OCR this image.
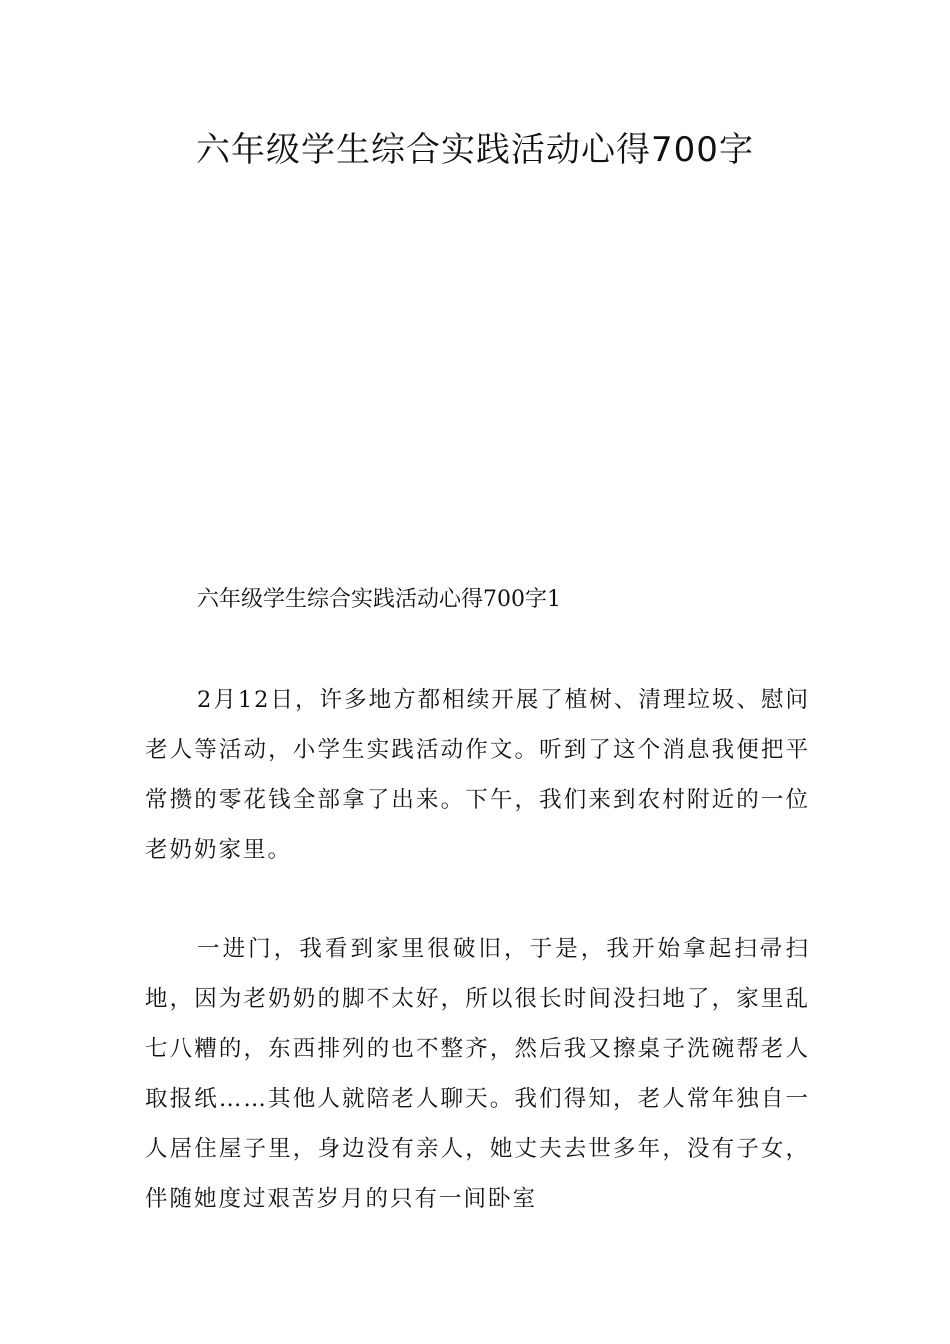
六年级学生综合实践活动心得700字
六年级学生综合实践活动心得700字1

2月12日，许多地方都相续开展了植树、清理垃圾、慰问老人等活动，小学生实践活动作文。听到了这个消息我便把平常攒的零花钱全部拿了出来。下午，我们来到农村附近的一位老奶奶家里。

一进门，我看到家里很破旧，于是，我开始拿起扫帚扫地，因为老奶奶的脚不太好，所以很长时间没扫地了，家里乱七八糟的，东西排列的也不整齐，然后我又擦桌子洗碗帮老人取报纸……其他人就陪老人聊天。我们得知，老人常年独自一人居住屋子里，身边没有亲人，她丈夫去世多年，没有子女，伴随她度过艰苦岁月的只有一间卧室
